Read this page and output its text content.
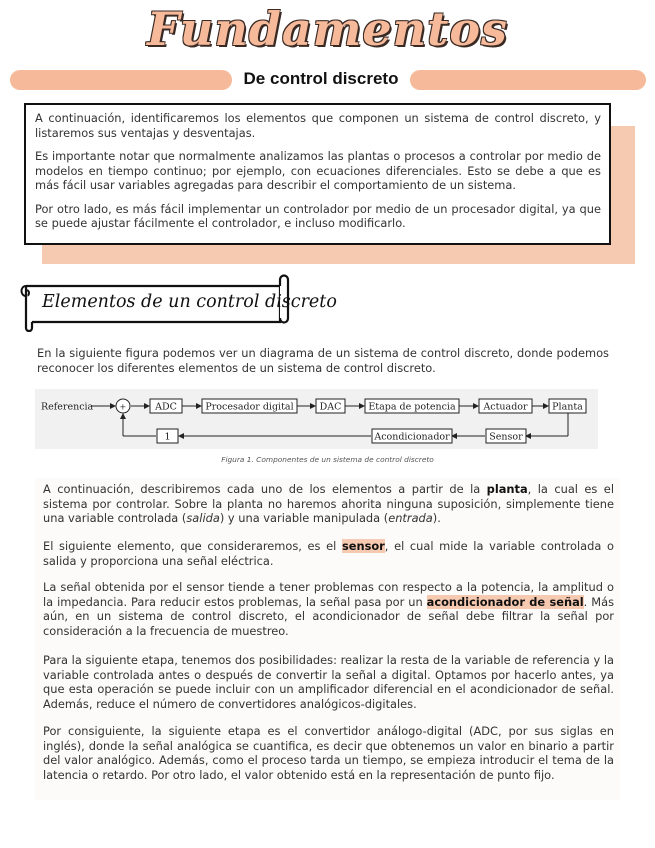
Fundamentos
De control discreto

A continuación, identificaremos los elementos que componen un sistema de control discreto, y listaremos sus ventajas y desventajas.

Es importante notar que normalmente analizamos las plantas o procesos a controlar por medio de modelos en tiempo continuo; por ejemplo, con ecuaciones diferenciales. Esto se debe a que es más fácil usar variables agregadas para describir el comportamiento de un sistema.

Por otro lado, es más fácil implementar un controlador por medio de un procesador digital, ya que se puede ajustar fácilmente el controlador, e incluso modificarlo.

Elementos de un control discreto

En la siguiente figura podemos ver un diagrama de un sistema de control discreto, donde podemos reconocer los diferentes elementos de un sistema de control discreto.

Referencia	+	ADC	Procesador digital	DAC	Etapa de potencia	Actuador	Planta
1	Acondicionador	Sensor
Figura 1. Componentes de un sistema de control discreto

A continuación, describiremos cada uno de los elementos a partir de la planta, la cual es el sistema por controlar. Sobre la planta no haremos ahorita ninguna suposición, simplemente tiene una variable controlada (salida) y una variable manipulada (entrada).

El siguiente elemento, que consideraremos, es el sensor, el cual mide la variable controlada o salida y proporciona una señal eléctrica.

La señal obtenida por el sensor tiende a tener problemas con respecto a la potencia, la amplitud o la impedancia. Para reducir estos problemas, la señal pasa por un acondicionador de señal. Más aún, en un sistema de control discreto, el acondicionador de señal debe filtrar la señal por consideración a la frecuencia de muestreo.

Para la siguiente etapa, tenemos dos posibilidades: realizar la resta de la variable de referencia y la variable controlada antes o después de convertir la señal a digital. Optamos por hacerlo antes, ya que esta operación se puede incluir con un amplificador diferencial en el acondicionador de señal. Además, reduce el número de convertidores analógicos-digitales.

Por consiguiente, la siguiente etapa es el convertidor análogo-digital (ADC, por sus siglas en inglés), donde la señal analógica se cuantifica, es decir que obtenemos un valor en binario a partir del valor analógico. Además, como el proceso tarda un tiempo, se empieza introducir el tema de la latencia o retardo. Por otro lado, el valor obtenido está en la representación de punto fijo.
